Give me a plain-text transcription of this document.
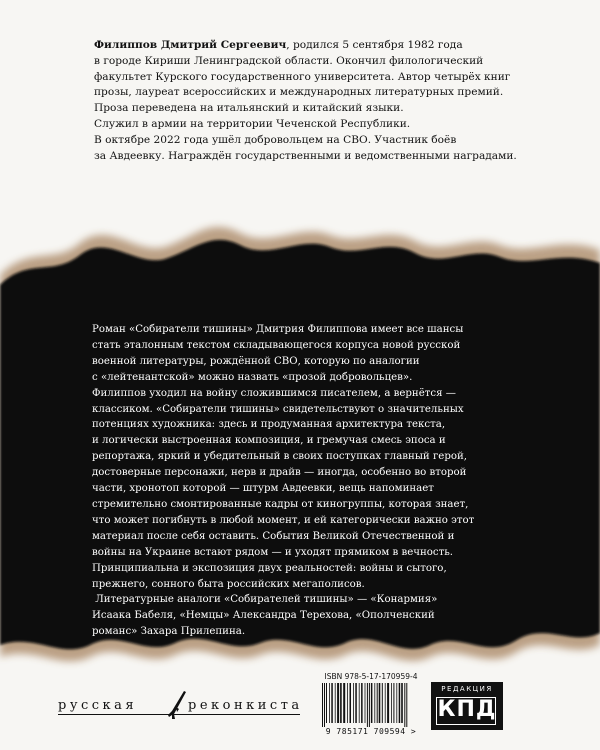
Филиппов Дмитрий Сергеевич, родился 5 сентября 1982 года

в городе Кириши Ленинградской области. Окончил филологический

факультет Курского государственного университета. Автор четырёх книг

прозы, лауреат всероссийских и международных литературных премий.

Проза переведена на итальянский и китайский языки.

Служил в армии на территории Чеченской Республики.

В октябре 2022 года ушёл добровольцем на СВО. Участник боёв

за Авдеевку. Награждён государственными и ведомственными наградами.

Роман «Собиратели тишины» Дмитрия Филиппова имеет все шансы

стать эталонным текстом складывающегося корпуса новой русской

военной литературы, рождённой СВО, которую по аналогии

с «лейтенантской» можно назвать «прозой добровольцев».

Филиппов уходил на войну сложившимся писателем, а вернётся —

классиком. «Собиратели тишины» свидетельствуют о значительных

потенциях художника: здесь и продуманная архитектура текста,

и логически выстроенная композиция, и гремучая смесь эпоса и

репортажа, яркий и убедительный в своих поступках главный герой,

достоверные персонажи, нерв и драйв — иногда, особенно во второй

части, хронотоп которой — штурм Авдеевки, вещь напоминает

стремительно смонтированные кадры от киногруппы, которая знает,

что может погибнуть в любой момент, и ей категорически важно этот

материал после себя оставить. События Великой Отечественной и

войны на Украине встают рядом — и уходят прямиком в вечность.

Принципиальна и экспозиция двух реальностей: войны и сытого,

прежнего, сонного быта российских мегаполисов.

Литературные аналоги «Собирателей тишины» — «Конармия»

Исаака Бабеля, «Немцы» Александра Терехова, «Ополченский

романс» Захара Прилепина.

русская	реконкиста
ISBN 978-5-17-170959-4
9 785171 709594 >
РЕДАКЦИЯ
КПД
